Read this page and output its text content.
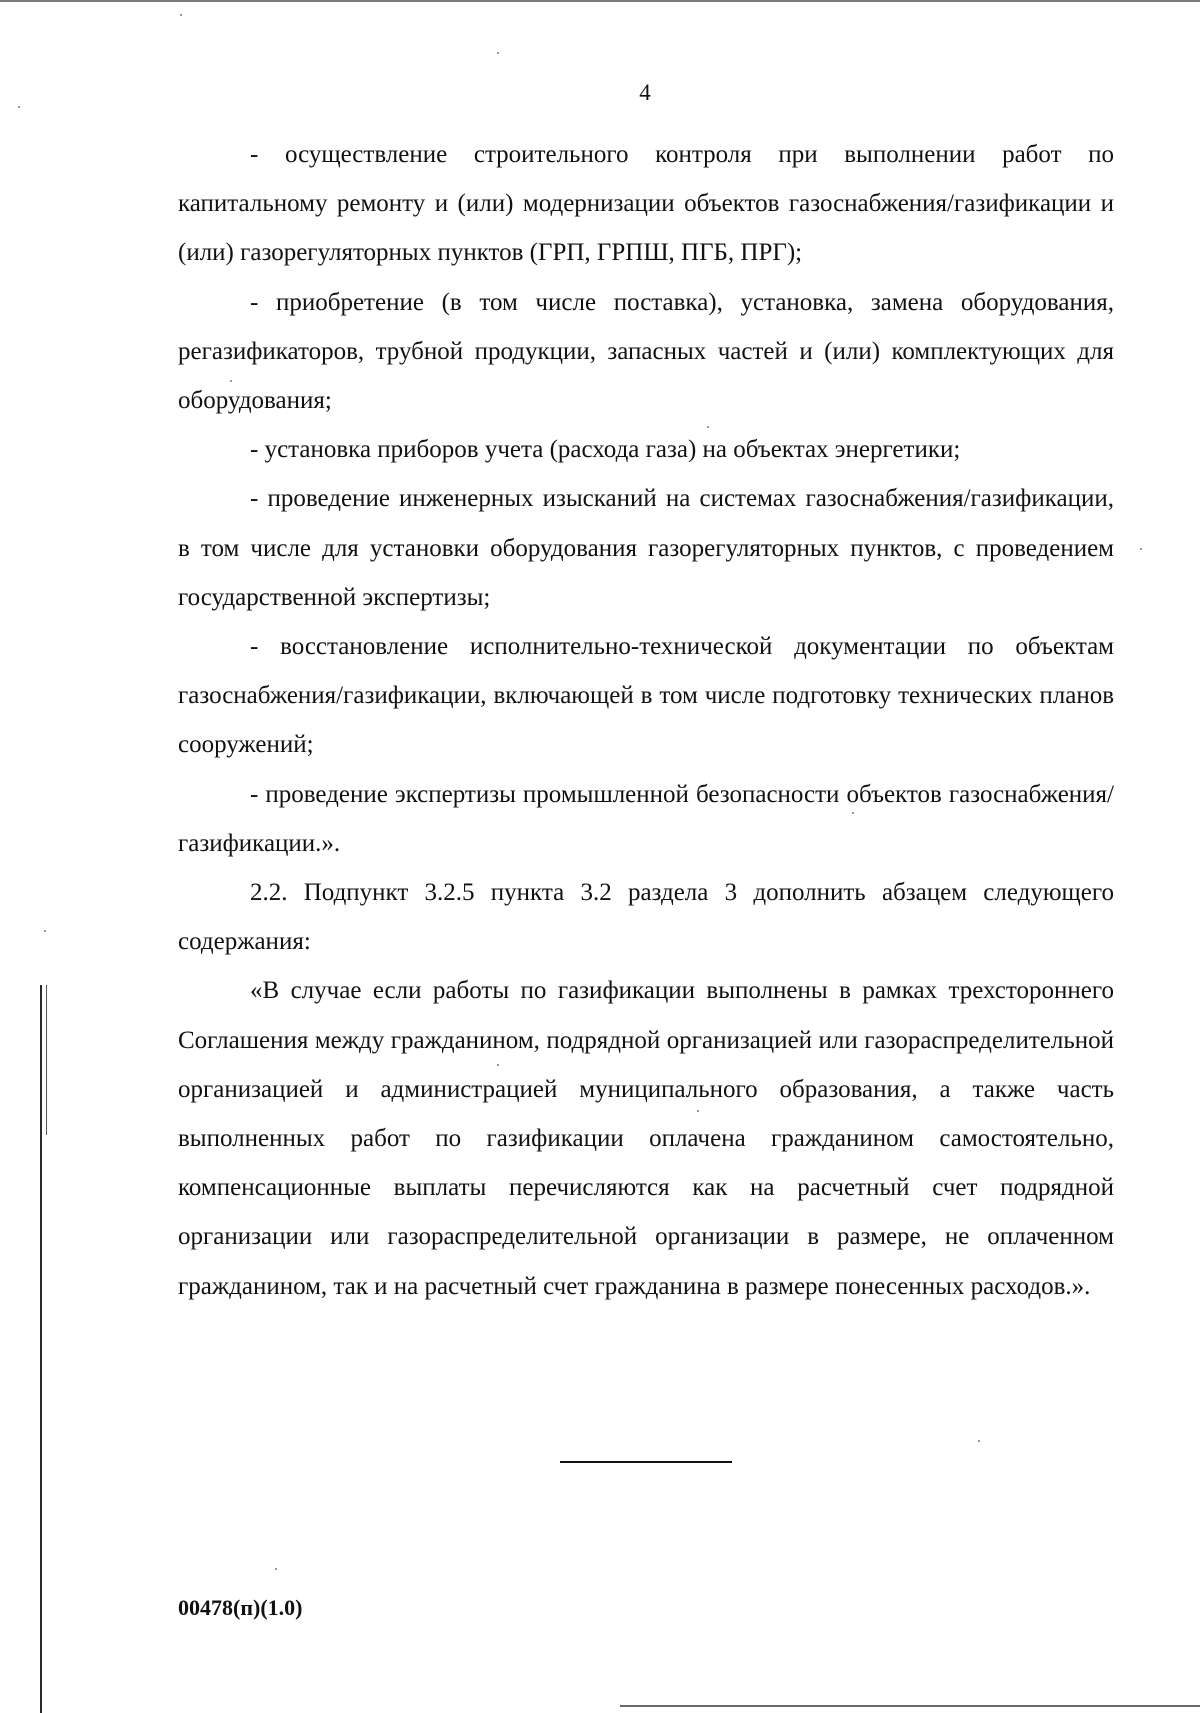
4

- осуществление строительного контроля при выполнении работ по капитальному ремонту и (или) модернизации объектов газоснабжения/газификации и (или) газорегуляторных пунктов (ГРП, ГРПШ, ПГБ, ПРГ);

- приобретение (в том числе поставка), установка, замена оборудования, регазификаторов, трубной продукции, запасных частей и (или) комплектующих для оборудования;

- установка приборов учета (расхода газа) на объектах энергетики;

- проведение инженерных изысканий на системах газоснабжения/газификации, в том числе для установки оборудования газорегуляторных пунктов, с проведением государственной экспертизы;

- восстановление исполнительно-технической документации по объектам газоснабжения/газификации, включающей в том числе подготовку технических планов сооружений;

- проведение экспертизы промышленной безопасности объектов газоснабжения/газификации.».

2.2. Подпункт 3.2.5 пункта 3.2 раздела 3 дополнить абзацем следующего содержания:

«В случае если работы по газификации выполнены в рамках трехстороннего Соглашения между гражданином, подрядной организацией или газораспределительной организацией и администрацией муниципального образования, а также часть выполненных работ по газификации оплачена гражданином самостоятельно, компенсационные выплаты перечисляются как на расчетный счет подрядной организации или газораспределительной организации в размере, не оплаченном гражданином, так и на расчетный счет гражданина в размере понесенных расходов.».

00478(п)(1.0)
